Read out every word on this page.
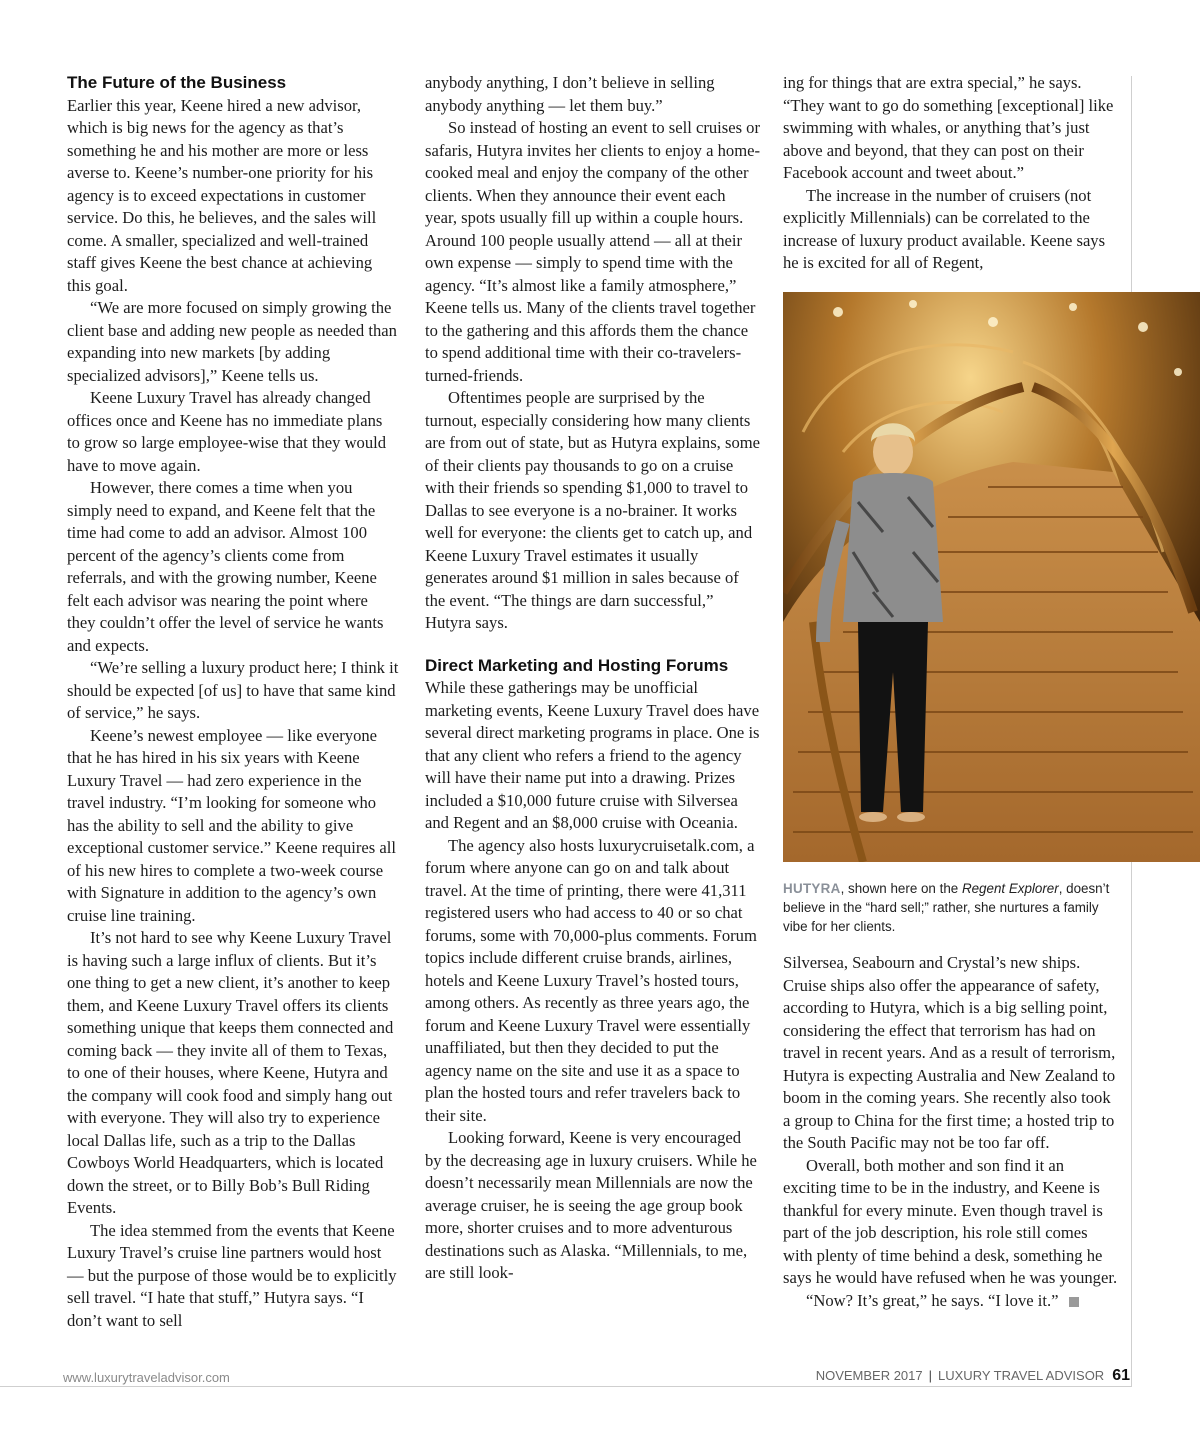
The Future of the Business

Earlier this year, Keene hired a new advisor, which is big news for the agency as that’s something he and his mother are more or less averse to. Keene’s number-one priority for his agency is to exceed expectations in customer service. Do this, he believes, and the sales will come. A smaller, specialized and well-trained staff gives Keene the best chance at achieving this goal.

“We are more focused on simply growing the client base and adding new people as needed than expanding into new markets [by adding specialized advisors],” Keene tells us.

Keene Luxury Travel has already changed offices once and Keene has no immediate plans to grow so large employee-wise that they would have to move again.

However, there comes a time when you simply need to expand, and Keene felt that the time had come to add an advisor. Almost 100 percent of the agency’s clients come from referrals, and with the growing number, Keene felt each advisor was nearing the point where they couldn’t offer the level of service he wants and expects.

“We’re selling a luxury product here; I think it should be expected [of us] to have that same kind of service,” he says.

Keene’s newest employee — like everyone that he has hired in his six years with Keene Luxury Travel — had zero experience in the travel industry. “I’m looking for someone who has the ability to sell and the ability to give exceptional customer service.” Keene requires all of his new hires to complete a two-week course with Signature in addition to the agency’s own cruise line training.

It’s not hard to see why Keene Luxury Travel is having such a large influx of clients. But it’s one thing to get a new client, it’s another to keep them, and Keene Luxury Travel offers its clients something unique that keeps them connected and coming back — they invite all of them to Texas, to one of their houses, where Keene, Hutyra and the company will cook food and simply hang out with everyone. They will also try to experience local Dallas life, such as a trip to the Dallas Cowboys World Headquarters, which is located down the street, or to Billy Bob’s Bull Riding Events.

The idea stemmed from the events that Keene Luxury Travel’s cruise line partners would host — but the purpose of those would be to explicitly sell travel. “I hate that stuff,” Hutyra says. “I don’t want to sell

anybody anything, I don’t believe in selling anybody anything — let them buy.”

So instead of hosting an event to sell cruises or safaris, Hutyra invites her clients to enjoy a home-cooked meal and enjoy the company of the other clients. When they announce their event each year, spots usually fill up within a couple hours. Around 100 people usually attend — all at their own expense — simply to spend time with the agency. “It’s almost like a family atmosphere,” Keene tells us. Many of the clients travel together to the gathering and this affords them the chance to spend additional time with their co-travelers-turned-friends.

Oftentimes people are surprised by the turnout, especially considering how many clients are from out of state, but as Hutyra explains, some of their clients pay thousands to go on a cruise with their friends so spending $1,000 to travel to Dallas to see everyone is a no-brainer. It works well for everyone: the clients get to catch up, and Keene Luxury Travel estimates it usually generates around $1 million in sales because of the event. “The things are darn successful,” Hutyra says.

Direct Marketing and Hosting Forums

While these gatherings may be unofficial marketing events, Keene Luxury Travel does have several direct marketing programs in place. One is that any client who refers a friend to the agency will have their name put into a drawing. Prizes included a $10,000 future cruise with Silversea and Regent and an $8,000 cruise with Oceania.

The agency also hosts luxurycruisetalk.com, a forum where anyone can go on and talk about travel. At the time of printing, there were 41,311 registered users who had access to 40 or so chat forums, some with 70,000-plus comments. Forum topics include different cruise brands, airlines, hotels and Keene Luxury Travel’s hosted tours, among others. As recently as three years ago, the forum and Keene Luxury Travel were essentially unaffiliated, but then they decided to put the agency name on the site and use it as a space to plan the hosted tours and refer travelers back to their site.

Looking forward, Keene is very encouraged by the decreasing age in luxury cruisers. While he doesn’t necessarily mean Millennials are now the average cruiser, he is seeing the age group book more, shorter cruises and to more adventurous destinations such as Alaska. “Millennials, to me, are still look-

ing for things that are extra special,” he says. “They want to go do something [exceptional] like swimming with whales, or anything that’s just above and beyond, that they can post on their Facebook account and tweet about.”

The increase in the number of cruisers (not explicitly Millennials) can be correlated to the increase of luxury product available. Keene says he is excited for all of Regent,

HUTYRA, shown here on the Regent Explorer, doesn’t believe in the “hard sell;” rather, she nurtures a family vibe for her clients.

Silversea, Seabourn and Crystal’s new ships. Cruise ships also offer the appearance of safety, according to Hutyra, which is a big selling point, considering the effect that terrorism has had on travel in recent years. And as a result of terrorism, Hutyra is expecting Australia and New Zealand to boom in the coming years. She recently also took a group to China for the first time; a hosted trip to the South Pacific may not be too far off.

Overall, both mother and son find it an exciting time to be in the industry, and Keene is thankful for every minute. Even though travel is part of the job description, his role still comes with plenty of time behind a desk, something he says he would have refused when he was younger.

“Now? It’s great,” he says. “I love it.”

www.luxurytraveladvisor.com	NOVEMBER 2017 | LUXURY TRAVEL ADVISOR 61
